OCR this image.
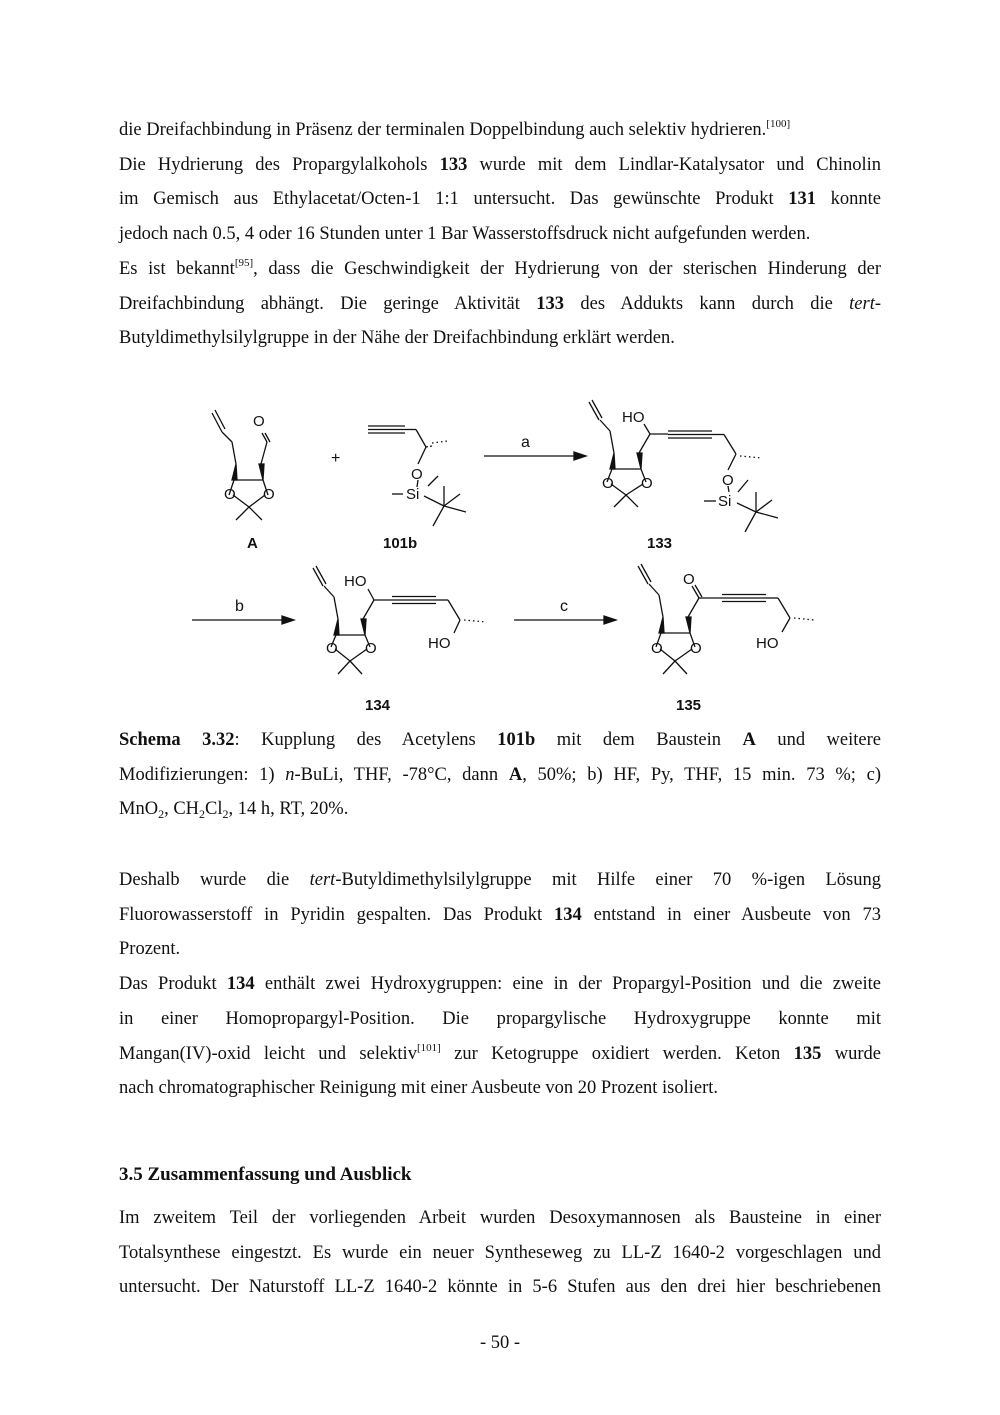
die Dreifachbindung in Präsenz der terminalen Doppelbindung auch selektiv hydrieren.[100]
Die Hydrierung des Propargylalkohols 133 wurde mit dem Lindlar-Katalysator und Chinolin
im Gemisch aus Ethylacetat/Octen-1 1:1 untersucht. Das gewünschte Produkt 131 konnte
jedoch nach 0.5, 4 oder 16 Stunden unter 1 Bar Wasserstoffsdruck nicht aufgefunden werden.
Es ist bekannt[95], dass die Geschwindigkeit der Hydrierung von der sterischen Hinderung der
Dreifachbindung abhängt. Die geringe Aktivität 133 des Addukts kann durch die tert-
Butyldimethylsilylgruppe in der Nähe der Dreifachbindung erklärt werden.
O
O O
A
+
O
Si
101b
a
HO
O O	O
Si
133
b
HO
O O	HO
134
c
O
O O	HO
135
Schema 3.32: Kupplung des Acetylens 101b mit dem Baustein A und weitere
Modifizierungen: 1) n-BuLi, THF, -78°C, dann A, 50%; b) HF, Py, THF, 15 min. 73 %; c)
MnO$_2$, $CH_2Cl_2$, 14 h, RT, 20%.
Deshalb wurde die tert-Butyldimethylsilylgruppe mit Hilfe einer 70 %-igen Lösung
Fluorowasserstoff in Pyridin gespalten. Das Produkt 134 entstand in einer Ausbeute von 73
Prozent.
Das Produkt 134 enthält zwei Hydroxygruppen: eine in der Propargyl-Position und die zweite
in einer Homopropargyl-Position. Die propargylische Hydroxygruppe konnte mit
Mangan(IV)-oxid leicht und selektiv[101] zur Ketogruppe oxidiert werden. Keton 135 wurde
nach chromatographischer Reinigung mit einer Ausbeute von 20 Prozent isoliert.
3.5 Zusammenfassung und Ausblick
Im zweitem Teil der vorliegenden Arbeit wurden Desoxymannosen als Bausteine in einer
Totalsynthese eingestzt. Es wurde ein neuer Syntheseweg zu LL-Z 1640-2 vorgeschlagen und
untersucht. Der Naturstoff LL-Z 1640-2 könnte in 5-6 Stufen aus den drei hier beschriebenen
- 50 -
